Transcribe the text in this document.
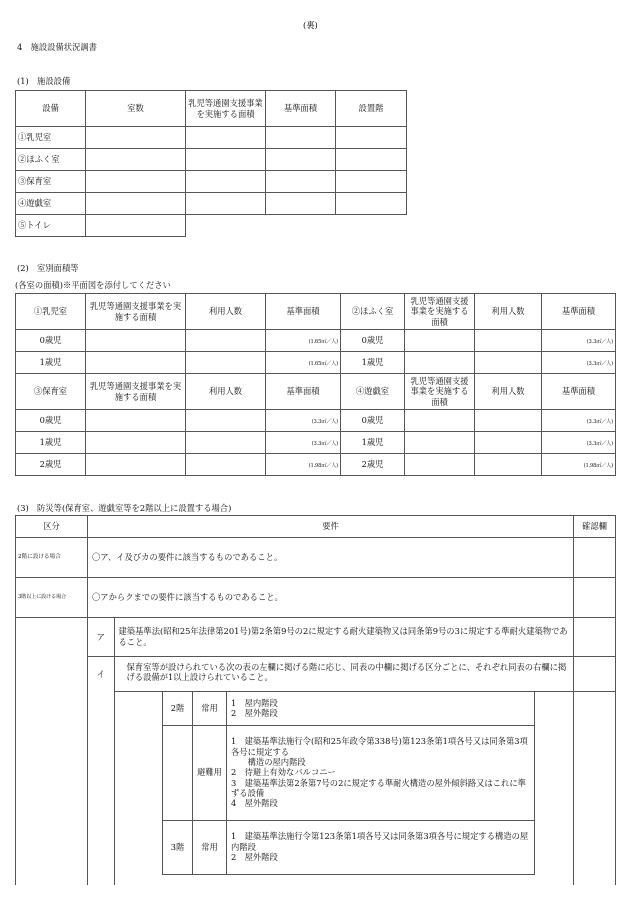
(裏)
4　施設設備状況調書
(1)　施設設備
設備	室数	乳児等通園支援事業を実施する面積	基準面積	設置階
①乳児室				
②ほふく室				
③保育室				
④遊戯室				
⑤トイレ				
(2)　室別面積等
(各室の面積)※平面図を添付してください
①乳児室	乳児等通園支援事業を実施する面積	利用人数	基準面積	②ほふく室	乳児等通園支援事業を実施する面積	利用人数	基準面積
0歳児			(1.65㎡／人)	0歳児			(3.3㎡／人)
1歳児			(1.65㎡／人)	1歳児			(3.3㎡／人)
③保育室	乳児等通園支援事業を実施する面積	利用人数	基準面積	④遊戯室	乳児等通園支援事業を実施する面積	利用人数	基準面積
0歳児			(3.3㎡／人)	0歳児			(3.3㎡／人)
1歳児			(3.3㎡／人)	1歳児			(3.3㎡／人)
2歳児			(1.98㎡／人)	2歳児			(1.98㎡／人)
(3)　防災等(保育室、遊戯室等を2階以上に設置する場合)
区分	要件	確認欄
2階に設ける場合	〇ア、イ及びカの要件に該当するものであること。	
3階以上に設ける場合	〇アからクまでの要件に該当するものであること。	

ア	建築基準法(昭和25年法律第201号)第2条第9号の2に規定する耐火建築物又は同条第9号の3に規定する準耐火建築物であること。
イ	
保育室等が設けられている次の表の左欄に掲げる階に応じ、同表の中欄に掲げる区分ごとに、それぞれ同表の右欄に掲げる設備が1以上設けられていること。
	2階	常用	1　屋内階段
2　屋外階段	
		避難用	1　建築基準法施行令(昭和25年政令第338号)第123条第1項各号又は同条第3項各号に規定する
　　構造の屋内階段
2　待避上有効なバルコニー
3　建築基準法第2条第7号の2に規定する準耐火構造の屋外傾斜路又はこれに準ずる設備
4　屋外階段	
	3階	常用	1　建築基準法施行令第123条第1項各号又は同条第3項各号に規定する構造の屋内階段
2　屋外階段	
